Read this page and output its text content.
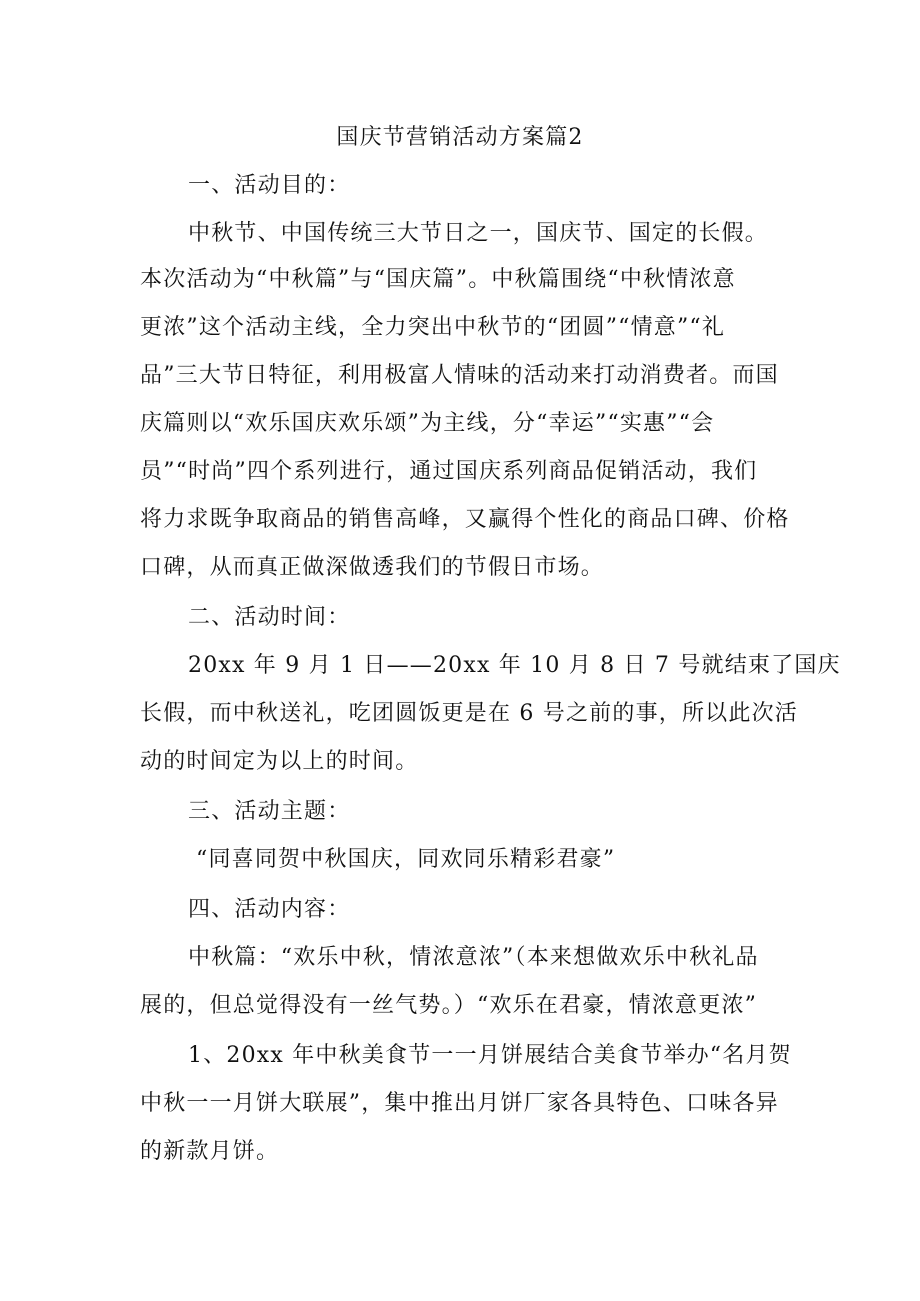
国庆节营销活动方案篇2
一、活动目的：
中秋节、中国传统三大节日之一，国庆节、国定的长假。
本次活动为“中秋篇”与“国庆篇”。中秋篇围绕“中秋情浓意
更浓”这个活动主线，全力突出中秋节的“团圆”“情意”“礼
品”三大节日特征，利用极富人情味的活动来打动消费者。而国
庆篇则以“欢乐国庆欢乐颂”为主线，分“幸运”“实惠”“会
员”“时尚”四个系列进行，通过国庆系列商品促销活动，我们
将力求既争取商品的销售高峰，又赢得个性化的商品口碑、价格
口碑，从而真正做深做透我们的节假日市场。
二、活动时间：
20xx 年 9 月 1 日——20xx 年 10 月 8 日 7 号就结束了国庆
长假，而中秋送礼，吃团圆饭更是在 6 号之前的事，所以此次活
动的时间定为以上的时间。
三、活动主题：
“同喜同贺中秋国庆，同欢同乐精彩君豪”
四、活动内容：
中秋篇：“欢乐中秋，情浓意浓”（本来想做欢乐中秋礼品
展的，但总觉得没有一丝气势。）“欢乐在君豪，情浓意更浓”
1、20xx 年中秋美食节一一月饼展结合美食节举办“名月贺
中秋一一月饼大联展”，集中推出月饼厂家各具特色、口味各异
的新款月饼。
